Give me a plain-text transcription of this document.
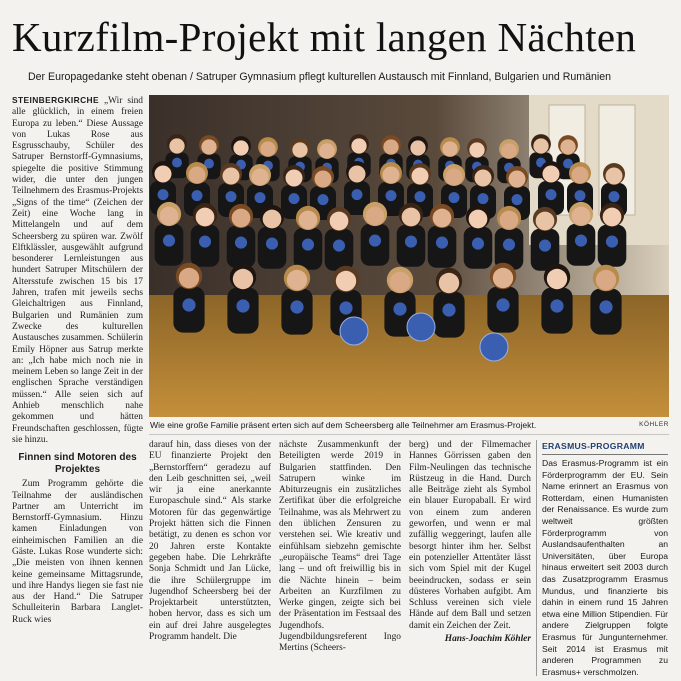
Kurzfilm-Projekt mit langen Nächten
Der Europagedanke steht obenan / Satruper Gymnasium pflegt kulturellen Austausch mit Finnland, Bulgarien und Rumänien

STEINBERGKIRCHE „Wir sind alle glücklich, in einem freien Europa zu leben.“ Diese Aussage von Lukas Rose aus Esgrusschauby, Schüler des Satruper Bernstorff-Gymnasiums, spiegelte die positive Stimmung wider, die unter den jungen Teilnehmern des Erasmus-Projekts „Signs of the time“ (Zeichen der Zeit) eine Woche lang in Mittelangeln und auf dem Scheersberg zu spüren war. Zwölf Elftklässler, ausgewählt aufgrund besonderer Lernleistungen aus hundert Satruper Mitschülern der Altersstufe zwischen 15 bis 17 Jahren, trafen mit jeweils sechs Gleichaltrigen aus Finnland, Bulgarien und Rumänien zum Zwecke des kulturellen Austausches zusammen. Schülerin Emily Höpner aus Satrup merkte an: „Ich habe mich noch nie in meinem Leben so lange Zeit in der englischen Sprache verständigen müssen.“ Alle seien sich auf Anhieb menschlich nahe gekommen und hätten Freundschaften geschlossen, fügte sie hinzu.

Finnen sind Motoren des Projektes

Zum Programm gehörte die Teilnahme der ausländischen Partner am Unterricht im Bernstorff-Gymnasium. Hinzu kamen Einladungen von einheimischen Familien an die Gäste. Lukas Rose wunderte sich: „Die meisten von ihnen kennen keine gemeinsame Mittagsrunde, und ihre Handys liegen sie fast nie aus der Hand.“ Die Satruper Schulleiterin Barbara Langlet-Ruck wies

Wie eine große Familie präsent erten sich auf dem Scheersberg alle Teilnehmer am Erasmus-Projekt.	KÖHLER

darauf hin, dass dieses von der EU finanzierte Projekt den „Bernstorffern“ geradezu auf den Leib geschnitten sei, „weil wir ja eine anerkannte Europaschule sind.“ Als starke Motoren für das gegenwärtige Projekt hätten sich die Finnen betätigt, zu denen es schon vor 20 Jahren erste Kontakte gegeben habe. Die Lehrkräfte Sonja Schmidt und Jan Lücke, die ihre Schülergruppe im Jugendhof Scheersberg bei der Projektarbeit unterstützten, hoben hervor, dass es sich um ein auf drei Jahre ausgelegtes Programm handelt. Die

nächste Zusammenkunft der Beteiligten werde 2019 in Bulgarien stattfinden. Den Satrupern winke im Abiturzeugnis ein zusätzliches Zertifikat über die erfolgreiche Teilnahme, was als Mehrwert zu den üblichen Zensuren zu verstehen sei. Wie kreativ und einfühlsam siebzehn gemischte „europäische Teams“ drei Tage lang – und oft freiwillig bis in die Nächte hinein – beim Arbeiten an Kurzfilmen zu Werke gingen, zeigte sich bei der Präsentation im Festsaal des Jugendhofs. Jugendbildungsreferent Ingo Mertins (Scheers-

berg) und der Filmemacher Hannes Görrissen gaben den Film-Neulingen das technische Rüstzeug in die Hand. Durch alle Beiträge zieht als Symbol ein blauer Europaball. Er wird von einem zum anderen geworfen, und wenn er mal zufällig weggeringt, laufen alle besorgt hinter ihm her. Selbst ein potenzieller Attentäter lässt sich vom Spiel mit der Kugel beeindrucken, sodass er sein düsteres Vorhaben aufgibt. Am Schluss vereinen sich viele Hände auf dem Ball und setzen damit ein Zeichen der Zeit.

Hans-Joachim Köhler
ERASMUS-PROGRAMM
Das Erasmus-Programm ist ein Förderprogramm der EU. Sein Name erinnert an Erasmus von Rotterdam, einen Humanisten der Renaissance. Es wurde zum weltweit größten Förderprogramm von Auslandsaufenthalten an Universitäten, über Europa hinaus erweitert seit 2003 durch das Zusatzprogramm Erasmus Mundus, und finanzierte bis dahin in einem rund 15 Jahren etwa eine Million Stipendien. Für andere Zielgruppen folgte Erasmus für Jungunternehmer. Seit 2014 ist Erasmus mit anderen Programmen zu Erasmus+ verschmolzen.
